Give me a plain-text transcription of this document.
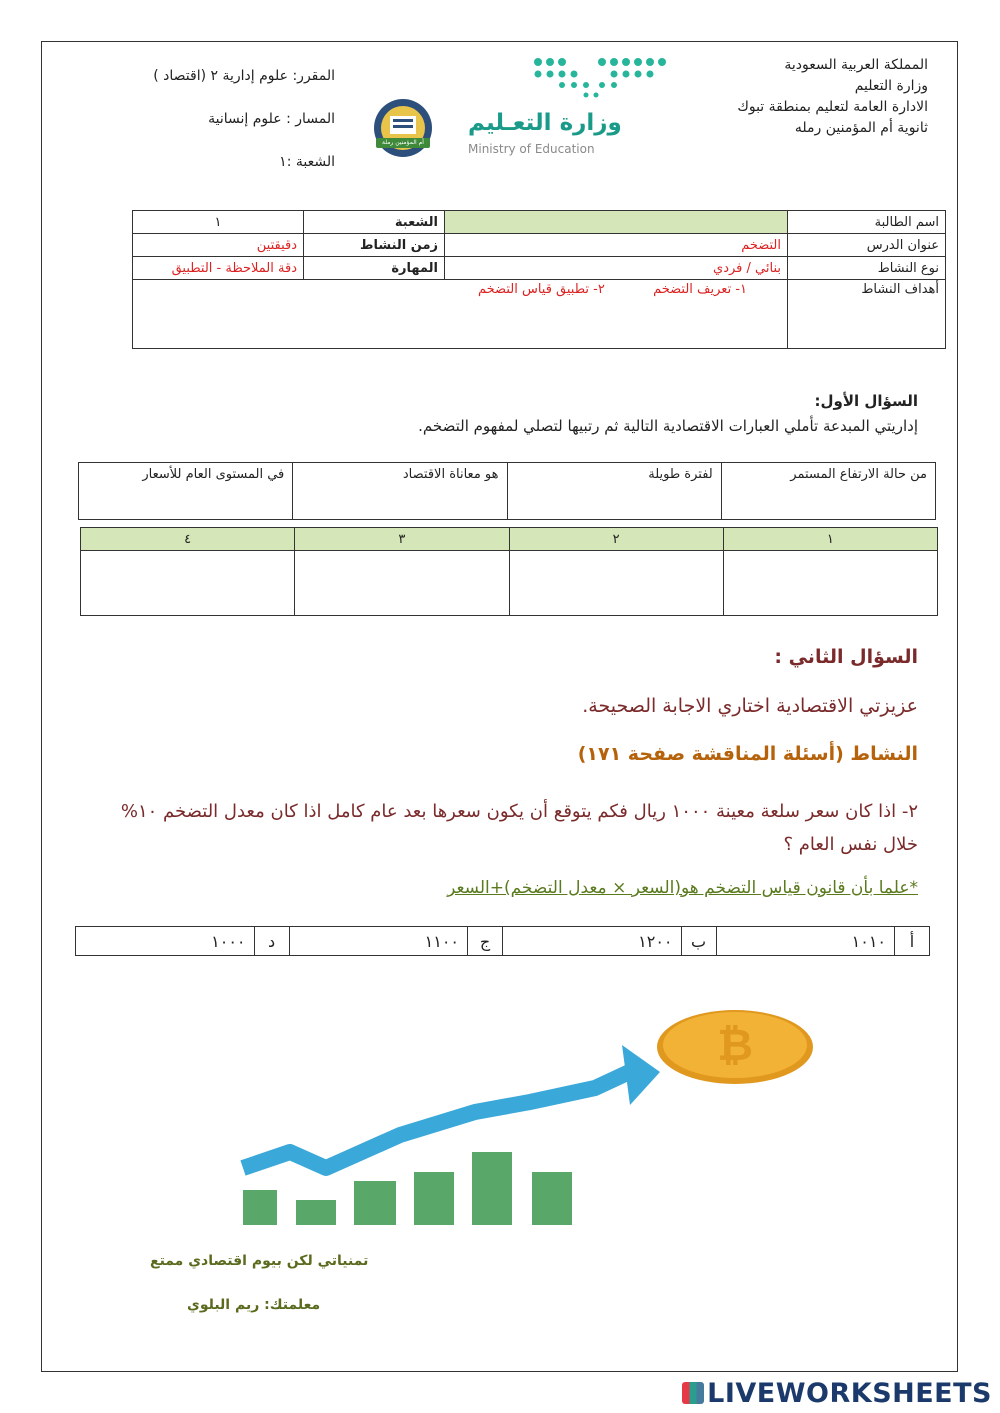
المملكة العربية السعودية
وزارة التعليم
الادارة العامة لتعليم بمنطقة تبوك
ثانوية أم المؤمنين رمله
وزارة التعـليم
Ministry of Education
أم المؤمنين رملة
المقرر: علوم إدارية ٢ (اقتصاد )
المسار : علوم إنسانية
الشعبة :١
اسم الطالبة		الشعبة	١
عنوان الدرس	التضخم	زمن النشاط	دقيقتين
نوع النشاط	بنائي / فردي	المهارة	دقة الملاحظة - التطبيق
أهداف النشاط	١- تعريف التضخم  ٢- تطبيق قياس التضخم		
السؤال الأول:
إداريتي المبدعة تأملي العبارات الاقتصادية التالية ثم رتبيها لتصلي لمفهوم التضخم.
من حالة الارتفاع المستمر	لفترة طويلة	هو معاناة الاقتصاد	في المستوى العام للأسعار
١	٢	٣	٤

السؤال الثاني :
عزيزتي الاقتصادية اختاري الاجابة الصحيحة.
النشاط (أسئلة المناقشة صفحة ١٧١)
٢- اذا كان سعر سلعة معينة ١٠٠٠ ريال فكم يتوقع أن يكون سعرها بعد عام كامل اذا كان معدل التضخم ١٠%
خلال نفس العام ؟
*علما بأن قانون قياس التضخم هو(السعر × معدل التضخم)+السعر
أ	١٠١٠	ب	١٢٠٠	ج	١١٠٠	د	١٠٠٠
₿
تمنياتي لكن بيوم اقتصادي ممتع
معلمتك: ريم البلوي
LIVEWORKSHEETS
